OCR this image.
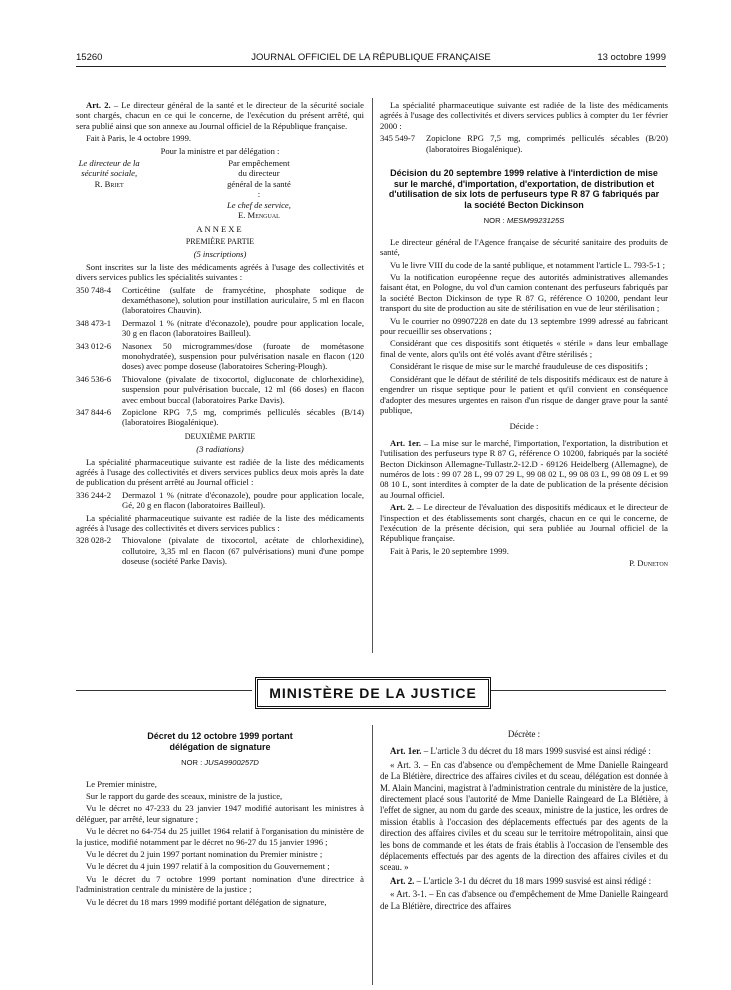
15260	JOURNAL OFFICIEL DE LA RÉPUBLIQUE FRANÇAISE	13 octobre 1999

Art. 2. – Le directeur général de la santé et le directeur de la sécurité sociale sont chargés, chacun en ce qui le concerne, de l'exécution du présent arrêté, qui sera publié ainsi que son annexe au Journal officiel de la République française.

Fait à Paris, le 4 octobre 1999.

Pour la ministre et par délégation :

Le directeur de la sécurité sociale,
R. Briet
Par empêchement du directeur général de la santé :
Le chef de service,
E. Mengual

ANNEXE

PREMIÈRE PARTIE

(5 inscriptions)

Sont inscrites sur la liste des médicaments agréés à l'usage des collectivités et divers services publics les spécialités suivantes :

350 748-4	Corticétine (sulfate de framycétine, phosphate sodique de dexaméthasone), solution pour instillation auriculaire, 5 ml en flacon (laboratoires Chauvin).
348 473-1	Dermazol 1 % (nitrate d'éconazole), poudre pour application locale, 30 g en flacon (laboratoires Bailleul).
343 012-6	Nasonex 50 microgrammes/dose (furoate de mométasone monohydratée), suspension pour pulvérisation nasale en flacon (120 doses) avec pompe doseuse (laboratoires Schering-Plough).
346 536-6	Thiovalone (pivalate de tixocortol, digluconate de chlorhexidine), suspension pour pulvérisation buccale, 12 ml (66 doses) en flacon avec embout buccal (laboratoires Parke Davis).
347 844-6	Zopiclone RPG 7,5 mg, comprimés pelliculés sécables (B/14) (laboratoires Biogalénique).

DEUXIÈME PARTIE

(3 radiations)

La spécialité pharmaceutique suivante est radiée de la liste des médicaments agréés à l'usage des collectivités et divers services publics deux mois après la date de publication du présent arrêté au Journal officiel :

336 244-2	Dermazol 1 % (nitrate d'éconazole), poudre pour application locale, Gé, 20 g en flacon (laboratoires Bailleul).

La spécialité pharmaceutique suivante est radiée de la liste des médicaments agréés à l'usage des collectivités et divers services publics :

328 028-2	Thiovalone (pivalate de tixocortol, acétate de chlorhexidine), collutoire, 3,35 ml en flacon (67 pulvérisations) muni d'une pompe doseuse (société Parke Davis).

La spécialité pharmaceutique suivante est radiée de la liste des médicaments agréés à l'usage des collectivités et divers services publics à compter du 1er février 2000 :

345 549-7	Zopiclone RPG 7,5 mg, comprimés pelliculés sécables (B/20) (laboratoires Biogalénique).
Décision du 20 septembre 1999 relative à l'interdiction de mise sur le marché, d'importation, d'exportation, de distribution et d'utilisation de six lots de perfuseurs type R 87 G fabriqués par la société Becton Dickinson
NOR : MESM9923125S

Le directeur général de l'Agence française de sécurité sanitaire des produits de santé,

Vu le livre VIII du code de la santé publique, et notamment l'article L. 793-5-1 ;

Vu la notification européenne reçue des autorités administratives allemandes faisant état, en Pologne, du vol d'un camion contenant des perfuseurs fabriqués par la société Becton Dickinson de type R 87 G, référence O 10200, pendant leur transport du site de production au site de stérilisation en vue de leur stérilisation ;

Vu le courrier no 09907228 en date du 13 septembre 1999 adressé au fabricant pour recueillir ses observations ;

Considérant que ces dispositifs sont étiquetés « stérile » dans leur emballage final de vente, alors qu'ils ont été volés avant d'être stérilisés ;

Considérant le risque de mise sur le marché frauduleuse de ces dispositifs ;

Considérant que le défaut de stérilité de tels dispositifs médicaux est de nature à engendrer un risque septique pour le patient et qu'il convient en conséquence d'adopter des mesures urgentes en raison d'un risque de danger grave pour la santé publique,

Décide :

Art. 1er. – La mise sur le marché, l'importation, l'exportation, la distribution et l'utilisation des perfuseurs type R 87 G, référence O 10200, fabriqués par la société Becton Dickinson Allemagne-Tullastr.2-12.D - 69126 Heidelberg (Allemagne), de numéros de lots : 99 07 28 L, 99 07 29 L, 99 08 02 L, 99 08 03 L, 99 08 09 L et 99 08 10 L, sont interdites à compter de la date de publication de la présente décision au Journal officiel.

Art. 2. – Le directeur de l'évaluation des dispositifs médicaux et le directeur de l'inspection et des établissements sont chargés, chacun en ce qui le concerne, de l'exécution de la présente décision, qui sera publiée au Journal officiel de la République française.

Fait à Paris, le 20 septembre 1999.

P. Duneton

MINISTÈRE DE LA JUSTICE
Décret du 12 octobre 1999 portant délégation de signature
NOR : JUSA9900257D

Le Premier ministre,

Sur le rapport du garde des sceaux, ministre de la justice,

Vu le décret no 47-233 du 23 janvier 1947 modifié autorisant les ministres à déléguer, par arrêté, leur signature ;

Vu le décret no 64-754 du 25 juillet 1964 relatif à l'organisation du ministère de la justice, modifié notamment par le décret no 96-27 du 15 janvier 1996 ;

Vu le décret du 2 juin 1997 portant nomination du Premier ministre ;

Vu le décret du 4 juin 1997 relatif à la composition du Gouvernement ;

Vu le décret du 7 octobre 1999 portant nomination d'une directrice à l'administration centrale du ministère de la justice ;

Vu le décret du 18 mars 1999 modifié portant délégation de signature,

Décrète :

Art. 1er. – L'article 3 du décret du 18 mars 1999 susvisé est ainsi rédigé :

« Art. 3. – En cas d'absence ou d'empêchement de Mme Danielle Raingeard de La Blétière, directrice des affaires civiles et du sceau, délégation est donnée à M. Alain Mancini, magistrat à l'administration centrale du ministère de la justice, directement placé sous l'autorité de Mme Danielle Raingeard de La Blétière, à l'effet de signer, au nom du garde des sceaux, ministre de la justice, les ordres de mission établis à l'occasion des déplacements effectués par des agents de la direction des affaires civiles et du sceau sur le territoire métropolitain, ainsi que les bons de commande et les états de frais établis à l'occasion de l'ensemble des déplacements effectués par des agents de la direction des affaires civiles et du sceau. »

Art. 2. – L'article 3-1 du décret du 18 mars 1999 susvisé est ainsi rédigé :

« Art. 3-1. – En cas d'absence ou d'empêchement de Mme Danielle Raingeard de La Blétière, directrice des affaires
